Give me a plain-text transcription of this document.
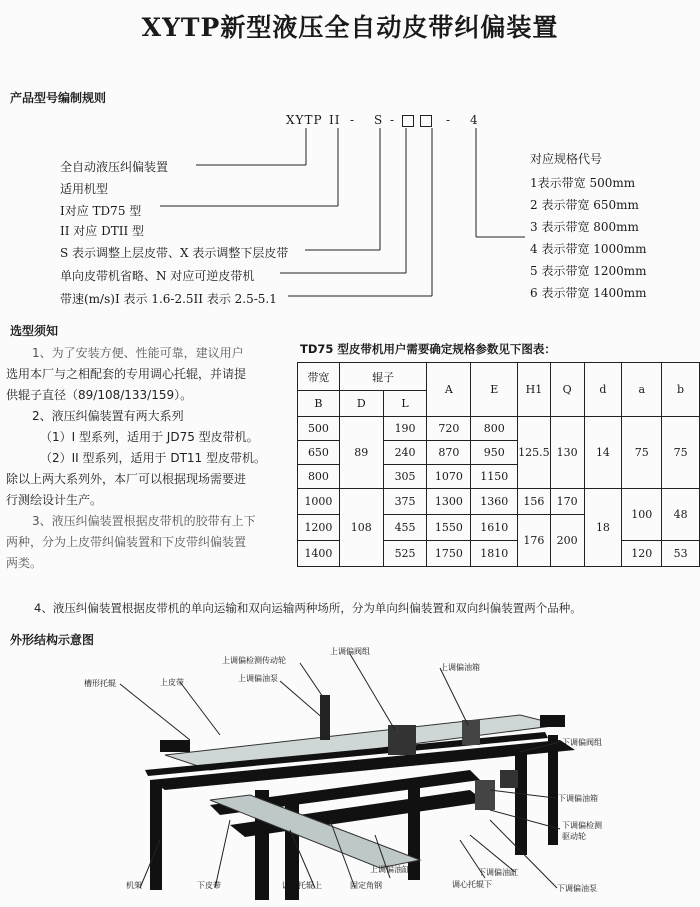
XYTP新型液压全自动皮带纠偏装置
产品型号编制规则
XYTP II - S -	- 4
全自动液压纠偏装置
适用机型
I对应 TD75 型
II 对应 DTII 型
S 表示调整上层皮带、X 表示调整下层皮带
单向皮带机省略、N 对应可逆皮带机
带速(m/s)I 表示 1.6-2.5II 表示 2.5-5.1
对应规格代号
1表示带宽 500mm
2 表示带宽 650mm
3 表示带宽 800mm
4 表示带宽 1000mm
5 表示带宽 1200mm
6 表示带宽 1400mm
选型须知
1、为了安装方便、性能可靠，建议用户
选用本厂与之相配套的专用调心托辊，并请提
供辊子直径（89/108/133/159）。
2、液压纠偏装置有两大系列
（1）I 型系列，适用于 JD75 型皮带机。
（2）II 型系列，适用于 DT11 型皮带机。
除以上两大系列外，本厂可以根据现场需要进
行测绘设计生产。
3、液压纠偏装置根据皮带机的胶带有上下
两种，分为上皮带纠偏装置和下皮带纠偏装置
两类。
4、液压纠偏装置根据皮带机的单向运输和双向运输两种场所，分为单向纠偏装置和双向纠偏装置两个品种。
TD75 型皮带机用户需要确定规格参数见下图表：
带宽	辊子		A	E	H1	Q	d	a	b
B	D	L							
500	89	190	720	800	125.5	130	14	75	75
650		240	870	950					
800		305	1070	1150					
1000	108	375	1300	1360	156	170	18	100	48
1200		455	1550	1610	176	200			
1400		525	1750	1810				120	53
外形结构示意图
槽形托辊	上皮带
上调偏检测传动轮
上调偏油泵
上调偏阀组
上调偏油箱
下调偏阀组
下调偏油箱
下调偏检测
驱动轮
下调偏油缸
下调偏油泵
调心托辊下
固定角钢
上调偏油缸
调心托辊上
下皮带
机架
